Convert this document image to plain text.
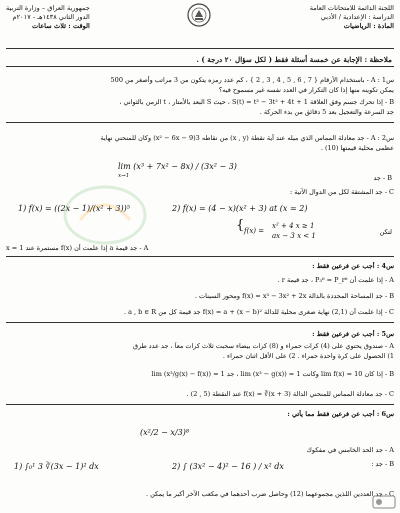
اللجنة الدائمة للامتحانات العامة
الدراسة : الإعدادية / الأدبي
المادة : الرياضيات
جمهورية العراق – وزارة التربية
الدور الثاني ١٤٣٨هـ - ٢٠١٧م
الوقت : ثلاث ساعات
ملاحظة : الإجابة عن خمسة أسئلة فقط ( لكل سؤال ٢٠ درجة ) .
س1 : A - باستخدام الأرقام { 7 , 6 , 5 , 4 , 3 , 2 } ، كم عدد رمزه يتكون من 3 مراتب وأصغر من 500
يمكن تكوينه منها إذا كان التكرار في العدد نفسه غير مسموح فيه؟
B - إذا تحرك جسم وفق العلاقة S(t) = t³ − 3t² + 4t + 1 ، حيث S البعد بالأمتار ، t الزمن بالثواني ،
جد السرعة والتعجيل بعد 5 دقائق من بدء الحركة .
س2 : A - جد معادلة المماس الذي ميله عند أية نقطة (x , y) من نقاطه 3(x² − 6x − 9) وكان للمنحني نهاية
عظمى محلية قيمتها (10) .
lim (x³ + 7x² − 8x) / (3x² − 3)
x→1	B - جد
C - جد المشتقة لكل من الدوال الآتية :
1) f(x) = ((2x − 1)/(x² + 3))⁵	2) f(x) = (4 − x)(x² + 3) at (x = 2)
f(x) =
{	x² + 4 x ≥ 1
ax − 3 x < 1	لتكن
A - جد قيمة a إذا علمت أن f(x) مستمرة عند x = 1
س4 : أجب عن فرعين فقط :
A - إذا علمت أن P₃⁶ = P_r⁶ ، جد قيمة r .
B - جد المساحة المحددة بالدالة f(x) = x³ − 3x² + 2x ومحور السينات .
C - إذا علمت أن (2,1) نهاية صغرى محلية للدالة f(x) = a + (x − b)² جد قيمة كل من a , b ∈ R .
س5 : أجب عن فرعين فقط :
A - صندوق يحتوي على (4) كرات حمراء و (8) كرات بيضاء سحبت ثلاث كرات معاً ، جد عدد طرق
1) الحصول على كرة واحدة حمراء . 2) على الأقل اثنان حمراء .
B - إذا كان lim f(x) = 10 وكانت lim (x³ − g(x)) = 1 ، جد lim (x³/g(x) − f(x)) = 1
C - جد معادلة المماس للمنحني الدالة f(x) = ∛(x + 3) عند النقطة (5 , 2) .
س6 : أجب عن فرعين فقط مما يأتي :
(x²/2 − x/3)⁸
A - جد الحد الخامس في مفكوك
B - جد :
1) ∫₀¹ 3 ∛(3x − 1)² dx	2) ∫ (3x² − 4)² − 16 ) / x² dx
C - جد العددين اللذين مجموعهما (12) وحاصل ضرب أحدهما في مكعب الآخر أكبر ما يمكن .
